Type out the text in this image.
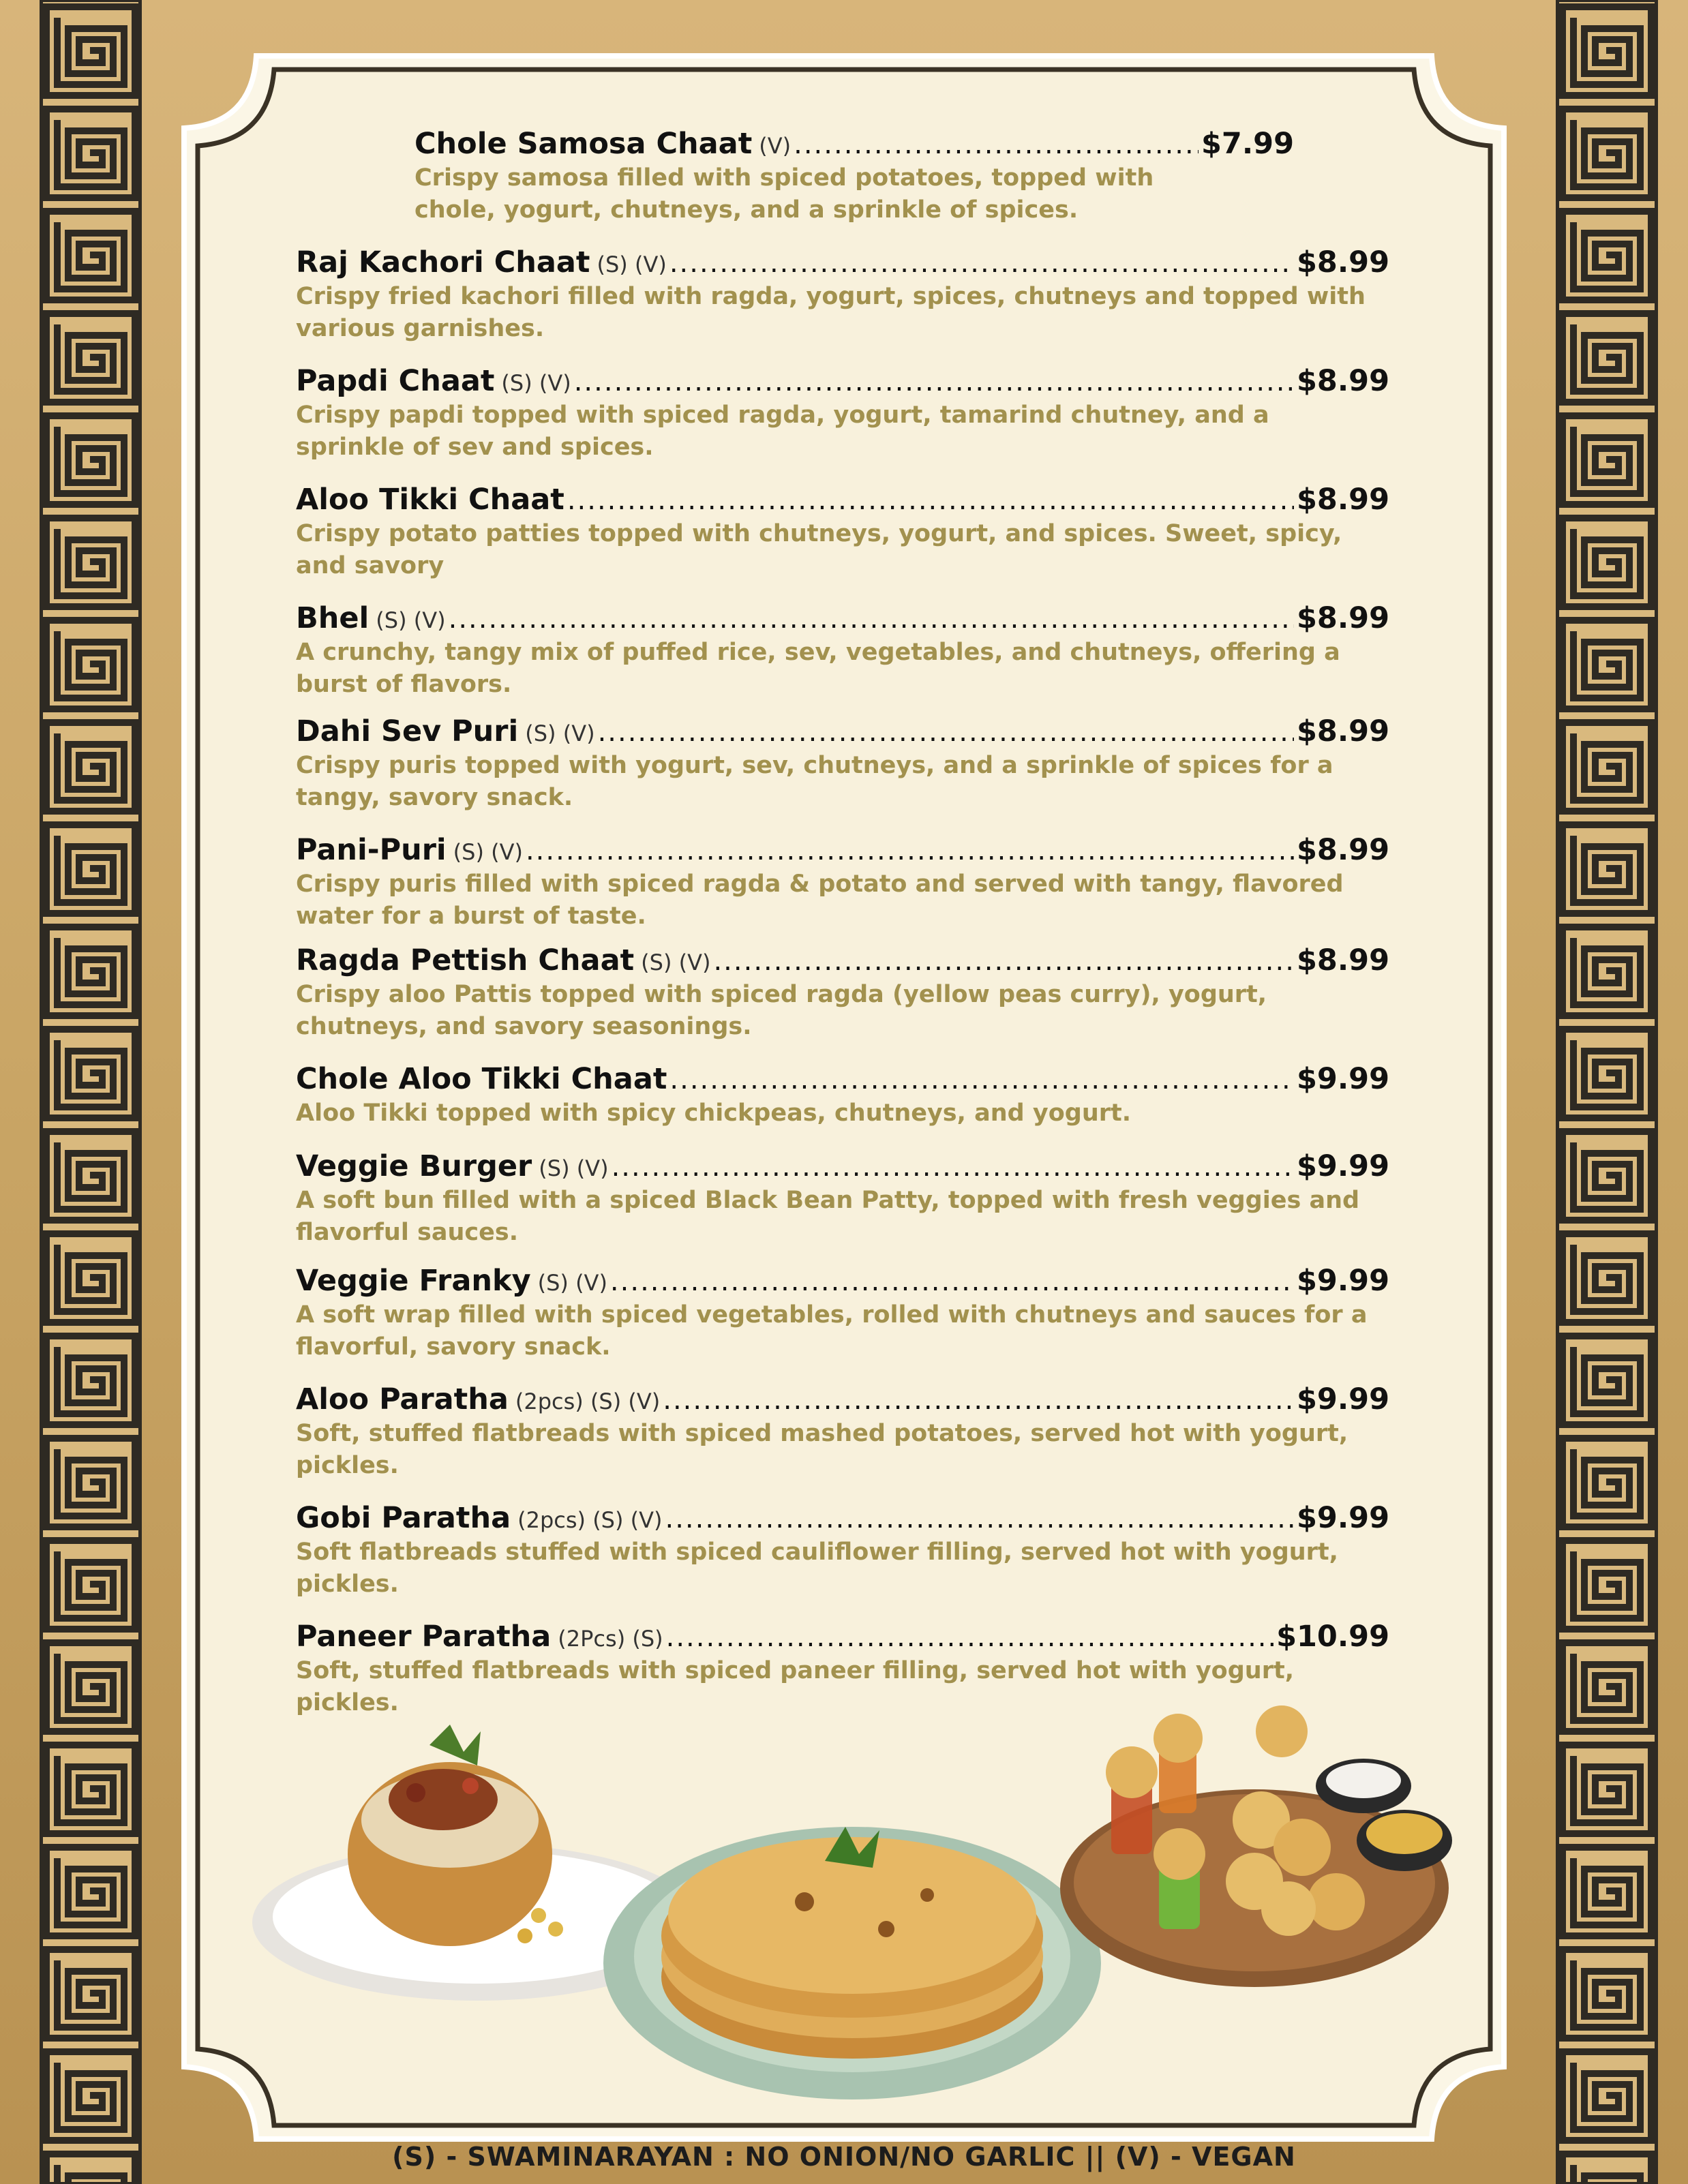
Chole Samosa Chaat (V) .....	$7.99
Crispy samosa filled with spiced potatoes, topped with chole, yogurt, chutneys, and a sprinkle of spices.
Raj Kachori Chaat (S) (V) .....	$8.99
Crispy fried kachori filled with ragda, yogurt, spices, chutneys and topped with various garnishes.
Papdi Chaat (S) (V) .....	$8.99
Crispy papdi topped with spiced ragda, yogurt, tamarind chutney, and a sprinkle of sev and spices.
Aloo Tikki Chaat .....	$8.99
Crispy potato patties topped with chutneys, yogurt, and spices. Sweet, spicy, and savory
Bhel (S) (V) .....	$8.99
A crunchy, tangy mix of puffed rice, sev, vegetables, and chutneys, offering a burst of flavors.
Dahi Sev Puri (S) (V) .....	$8.99
Crispy puris topped with yogurt, sev, chutneys, and a sprinkle of spices for a tangy, savory snack.
Pani-Puri (S) (V) .....	$8.99
Crispy puris filled with spiced ragda & potato and served with tangy, flavored water for a burst of taste.
Ragda Pettish Chaat (S) (V) .....	$8.99
Crispy aloo Pattis topped with spiced ragda (yellow peas curry), yogurt, chutneys, and savory seasonings.
Chole Aloo Tikki Chaat .....	$9.99
Aloo Tikki topped with spicy chickpeas, chutneys, and yogurt.
Veggie Burger (S) (V) .....	$9.99
A soft bun filled with a spiced Black Bean Patty, topped with fresh veggies and flavorful sauces.
Veggie Franky (S) (V) .....	$9.99
A soft wrap filled with spiced vegetables, rolled with chutneys and sauces for a flavorful, savory snack.
Aloo Paratha (2pcs) (S) (V) .....	$9.99
Soft, stuffed flatbreads with spiced mashed potatoes, served hot with yogurt, pickles.
Gobi Paratha (2pcs) (S) (V) .....	$9.99
Soft flatbreads stuffed with spiced cauliflower filling, served hot with yogurt, pickles.
Paneer Paratha (2Pcs) (S) .....	$10.99
Soft, stuffed flatbreads with spiced paneer filling, served hot with yogurt, pickles.
(S) - SWAMINARAYAN : NO ONION/NO GARLIC || (V) - VEGAN
